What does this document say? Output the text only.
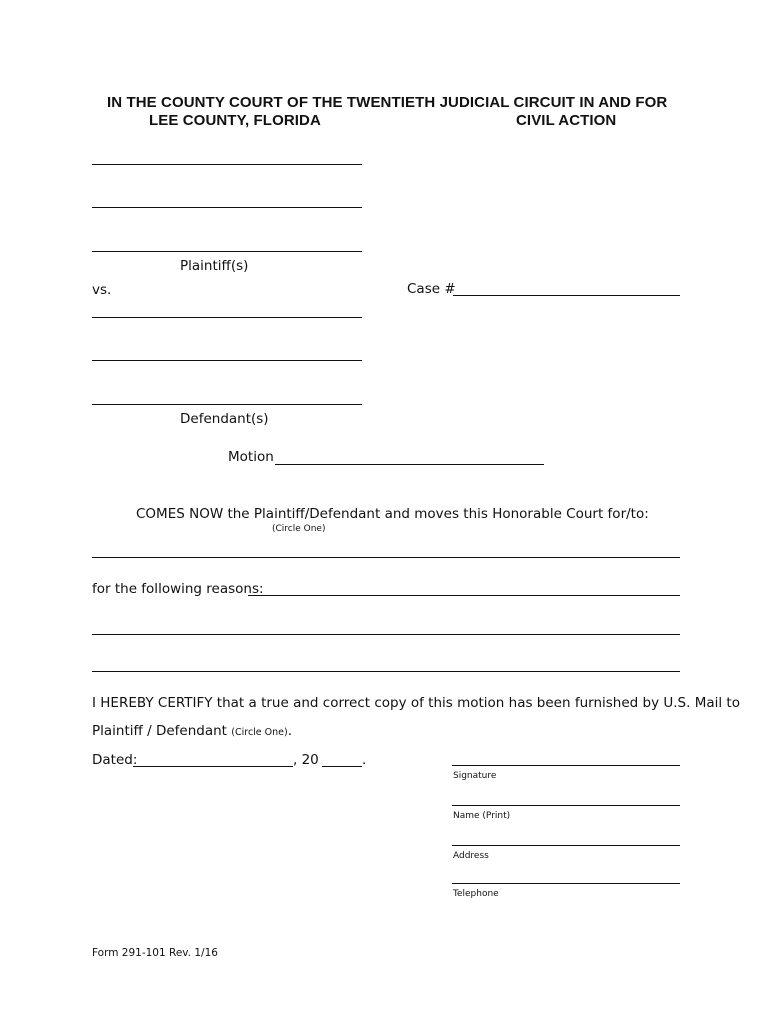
IN THE COUNTY COURT OF THE TWENTIETH JUDICIAL CIRCUIT IN AND FOR
LEE COUNTY, FLORIDA	CIVIL ACTION
Plaintiff(s)
vs.	Case #
Defendant(s)
Motion
COMES NOW the Plaintiff/Defendant and moves this Honorable Court for/to:
(Circle One)
for the following reasons:
I HEREBY CERTIFY that a true and correct copy of this motion has been furnished by U.S. Mail to
Plaintiff / Defendant (Circle One).
Dated:	, 20	.
Signature
Name (Print)
Address
Telephone
Form 291-101 Rev. 1/16
